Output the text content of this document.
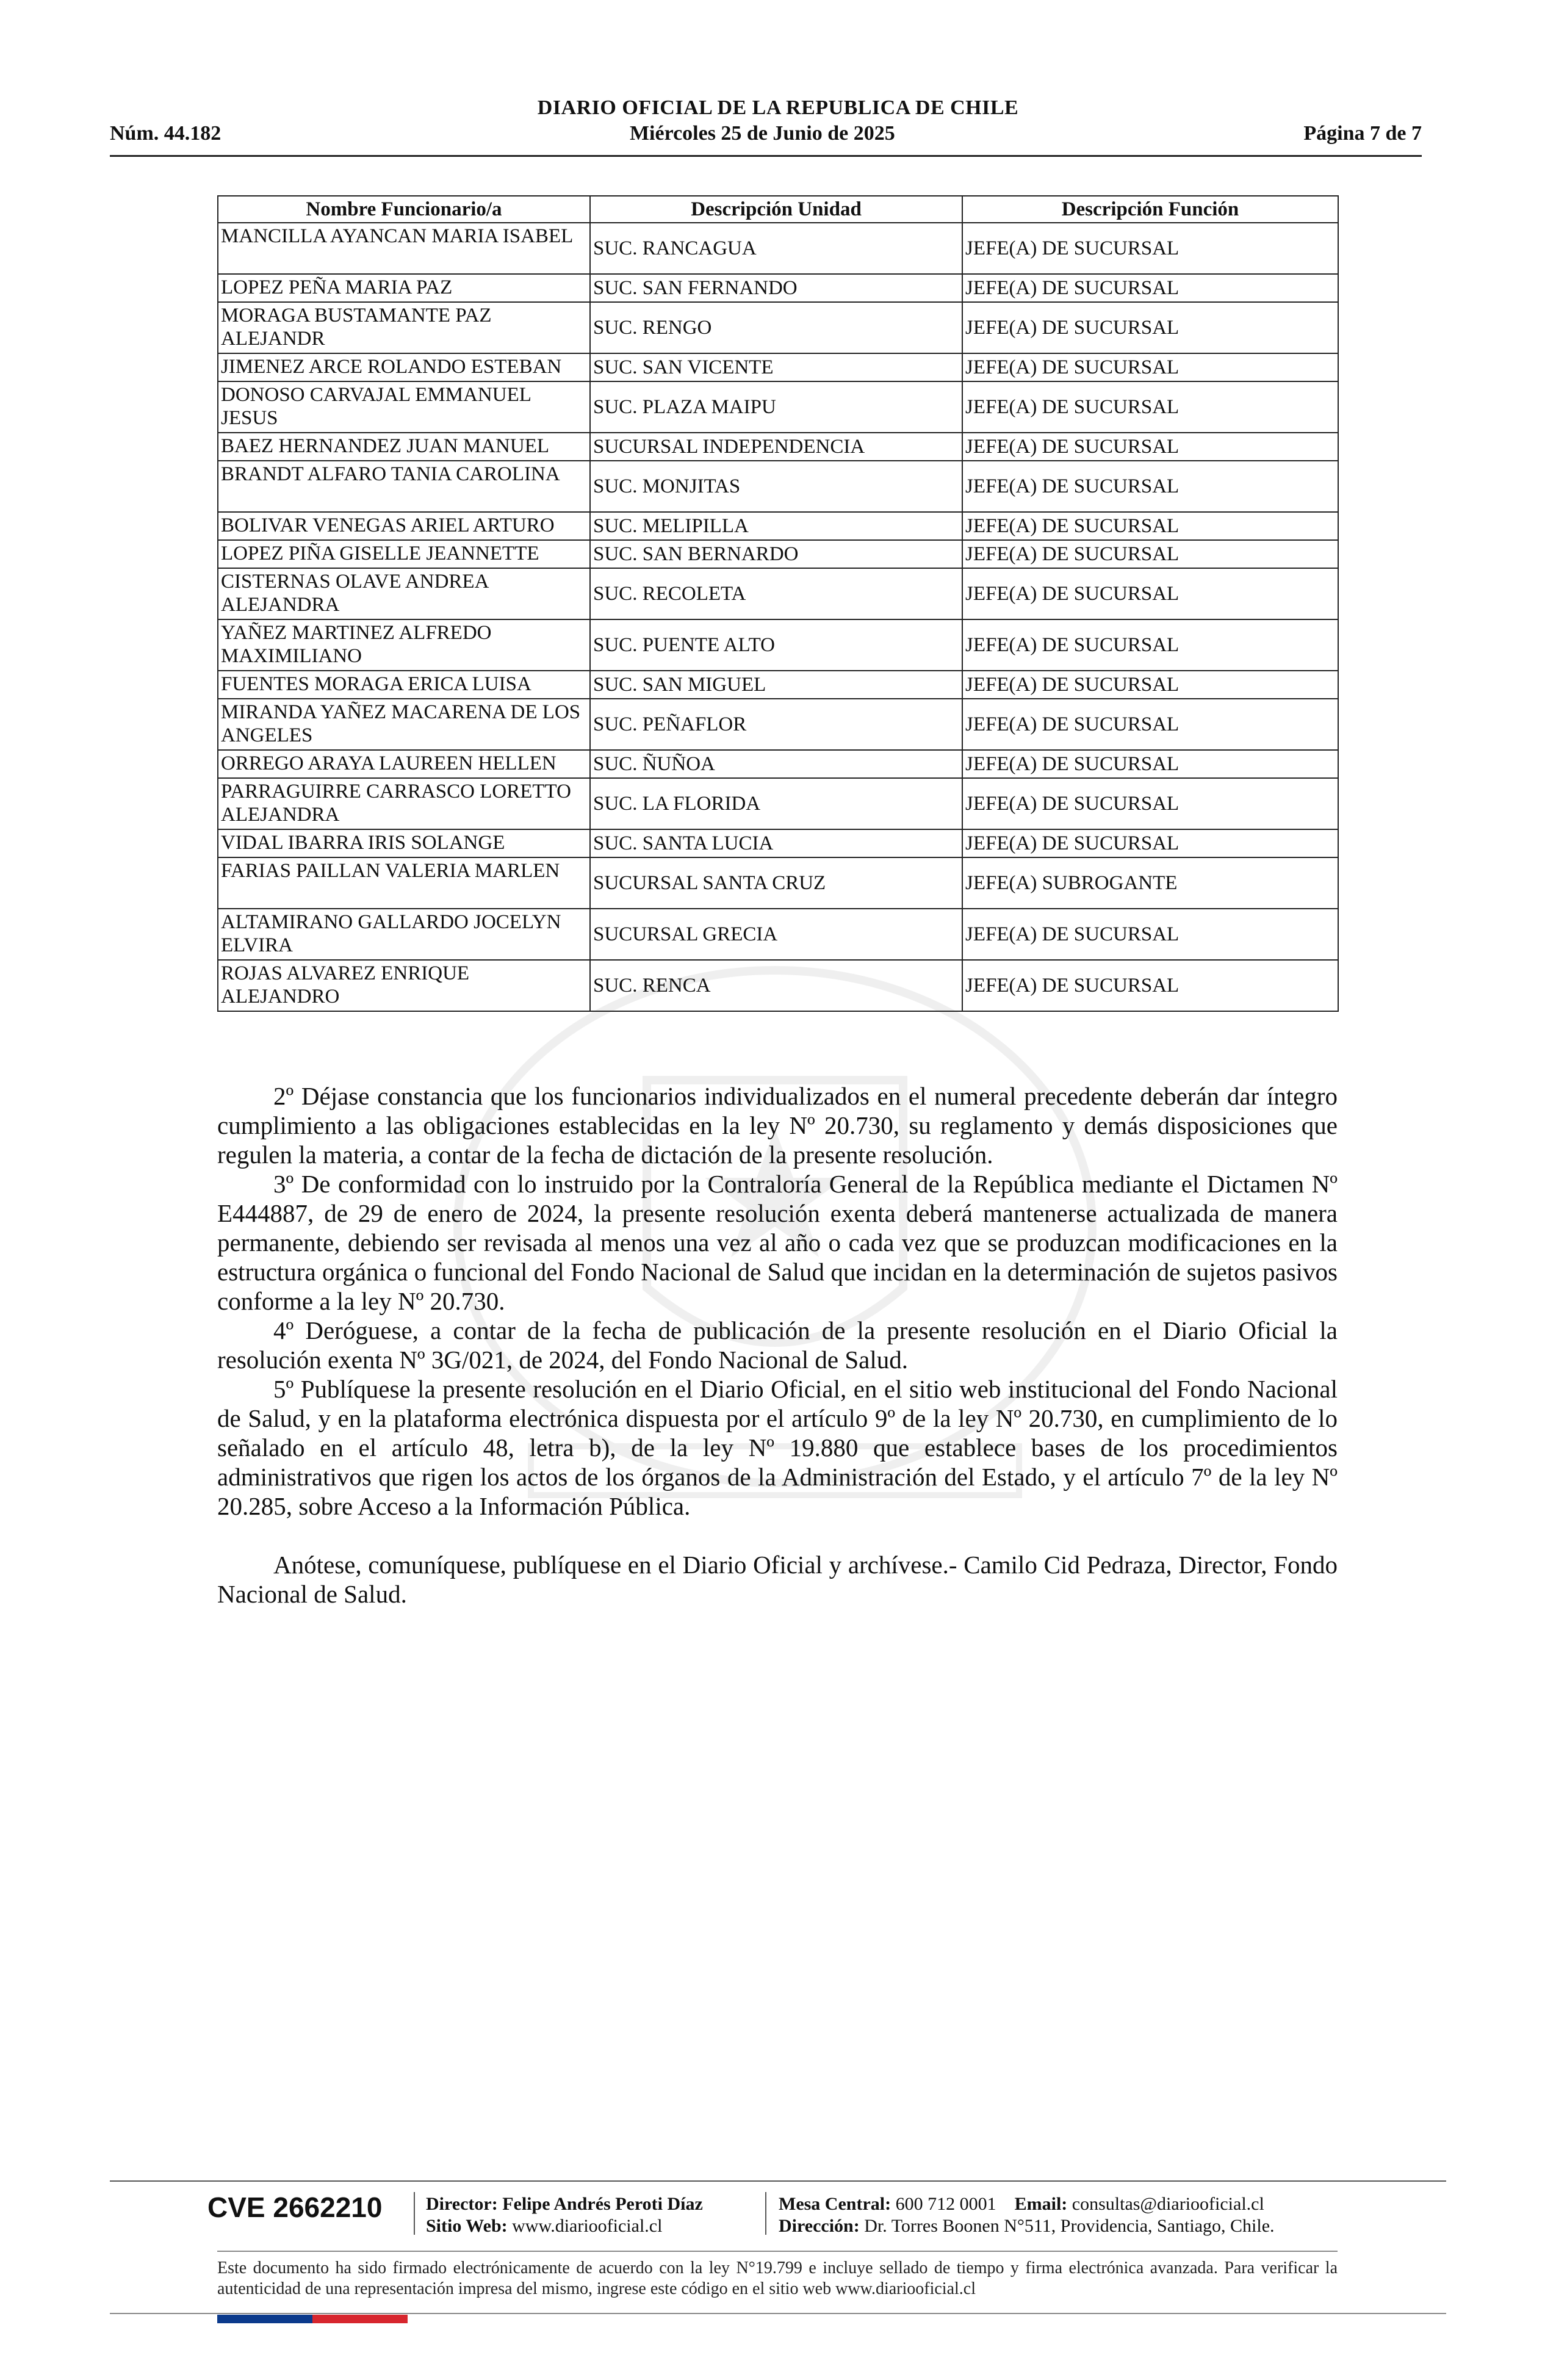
DIARIO OFICIAL DE LA REPUBLICA DE CHILE
Núm. 44.182	Miércoles 25 de Junio de 2025	Página 7 de 7
Nombre Funcionario/a	Descripción Unidad	Descripción Función
MANCILLA AYANCAN MARIA ISABEL	SUC. RANCAGUA	JEFE(A) DE SUCURSAL
LOPEZ PEÑA MARIA PAZ	SUC. SAN FERNANDO	JEFE(A) DE SUCURSAL
MORAGA BUSTAMANTE PAZ ALEJANDR	SUC. RENGO	JEFE(A) DE SUCURSAL
JIMENEZ ARCE ROLANDO ESTEBAN	SUC. SAN VICENTE	JEFE(A) DE SUCURSAL
DONOSO CARVAJAL EMMANUEL JESUS	SUC. PLAZA MAIPU	JEFE(A) DE SUCURSAL
BAEZ HERNANDEZ JUAN MANUEL	SUCURSAL INDEPENDENCIA	JEFE(A) DE SUCURSAL
BRANDT ALFARO TANIA CAROLINA	SUC. MONJITAS	JEFE(A) DE SUCURSAL
BOLIVAR VENEGAS ARIEL ARTURO	SUC. MELIPILLA	JEFE(A) DE SUCURSAL
LOPEZ PIÑA GISELLE JEANNETTE	SUC. SAN BERNARDO	JEFE(A) DE SUCURSAL
CISTERNAS OLAVE ANDREA ALEJANDRA	SUC. RECOLETA	JEFE(A) DE SUCURSAL
YAÑEZ MARTINEZ ALFREDO MAXIMILIANO	SUC. PUENTE ALTO	JEFE(A) DE SUCURSAL
FUENTES MORAGA ERICA LUISA	SUC. SAN MIGUEL	JEFE(A) DE SUCURSAL
MIRANDA YAÑEZ MACARENA DE LOS ANGELES	SUC. PEÑAFLOR	JEFE(A) DE SUCURSAL
ORREGO ARAYA LAUREEN HELLEN	SUC. ÑUÑOA	JEFE(A) DE SUCURSAL
PARRAGUIRRE CARRASCO LORETTO ALEJANDRA	SUC. LA FLORIDA	JEFE(A) DE SUCURSAL
VIDAL IBARRA IRIS SOLANGE	SUC. SANTA LUCIA	JEFE(A) DE SUCURSAL
FARIAS PAILLAN VALERIA MARLEN	SUCURSAL SANTA CRUZ	JEFE(A) SUBROGANTE
ALTAMIRANO GALLARDO JOCELYN ELVIRA	SUCURSAL GRECIA	JEFE(A) DE SUCURSAL
ROJAS ALVAREZ ENRIQUE ALEJANDRO	SUC. RENCA	JEFE(A) DE SUCURSAL

2º Déjase constancia que los funcionarios individualizados en el numeral precedente deberán dar íntegro cumplimiento a las obligaciones establecidas en la ley Nº 20.730, su reglamento y demás disposiciones que regulen la materia, a contar de la fecha de dictación de la presente resolución.

3º De conformidad con lo instruido por la Contraloría General de la República mediante el Dictamen Nº E444887, de 29 de enero de 2024, la presente resolución exenta deberá mantenerse actualizada de manera permanente, debiendo ser revisada al menos una vez al año o cada vez que se produzcan modificaciones en la estructura orgánica o funcional del Fondo Nacional de Salud que incidan en la determinación de sujetos pasivos conforme a la ley Nº 20.730.

4º Deróguese, a contar de la fecha de publicación de la presente resolución en el Diario Oficial la resolución exenta Nº 3G/021, de 2024, del Fondo Nacional de Salud.

5º Publíquese la presente resolución en el Diario Oficial, en el sitio web institucional del Fondo Nacional de Salud, y en la plataforma electrónica dispuesta por el artículo 9º de la ley Nº 20.730, en cumplimiento de lo señalado en el artículo 48, letra b), de la ley Nº 19.880 que establece bases de los procedimientos administrativos que rigen los actos de los órganos de la Administración del Estado, y el artículo 7º de la ley Nº 20.285, sobre Acceso a la Información Pública.

Anótese, comuníquese, publíquese en el Diario Oficial y archívese.- Camilo Cid Pedraza, Director, Fondo Nacional de Salud.

CVE 2662210 Director: Felipe Andrés Peroti Díaz
Sitio Web: www.diariooficial.cl
Mesa Central: 600 712 0001 Email: consultas@diariooficial.cl
Dirección: Dr. Torres Boonen N°511, Providencia, Santiago, Chile.
Este documento ha sido firmado electrónicamente de acuerdo con la ley N°19.799 e incluye sellado de tiempo y firma electrónica avanzada. Para verificar la autenticidad de una representación impresa del mismo, ingrese este código en el sitio web www.diariooficial.cl
